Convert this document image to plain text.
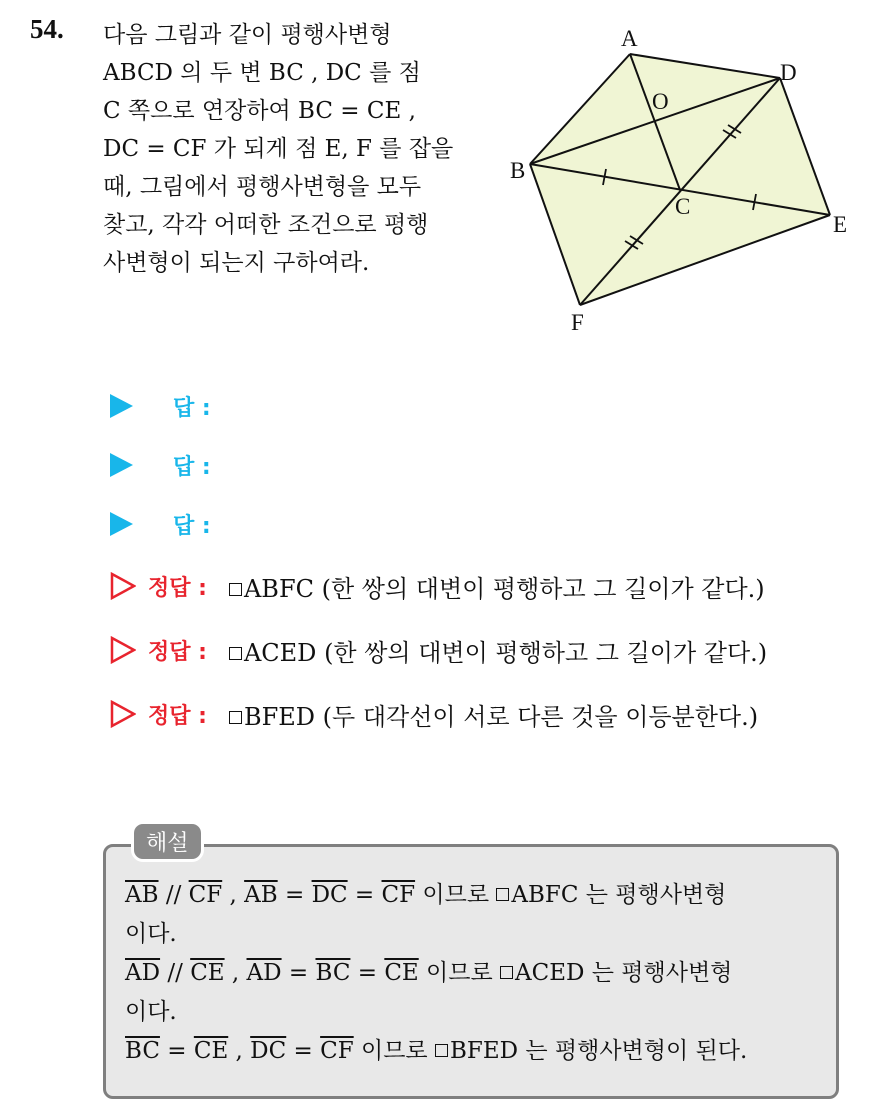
54. 다음 그림과 같이 평행사변형
ABCD 의 두 변 BC , DC 를 점
C 쪽으로 연장하여 BC = CE ,
DC = CF 가 되게 점 E, F 를 잡을
때, 그림에서 평행사변형을 모두
찾고, 각각 어떠한 조건으로 평행
사변형이 되는지 구하여라.
A
D
O
B
C
E
F
답 :
답 :
답 :
정답 :	ABFC (한 쌍의 대변이 평행하고 그 길이가 같다.)
정답 :	ACED (한 쌍의 대변이 평행하고 그 길이가 같다.)
정답 :	BFED (두 대각선이 서로 다른 것을 이등분한다.)
해설
$\overline{AB} // \overline{CF}$ , $\overline{AB} = \overline{DC} = \overline{CF}$ 이므로 ABFC 는 평행사변형
이다.
$\overline{AD} // \overline{CE}$ , $\overline{AD} = \overline{BC} = \overline{CE}$ 이므로 ACED 는 평행사변형
이다.
$\overline{BC} = \overline{CE}$ , $\overline{DC} = \overline{CF}$ 이므로 BFED 는 평행사변형이 된다.
